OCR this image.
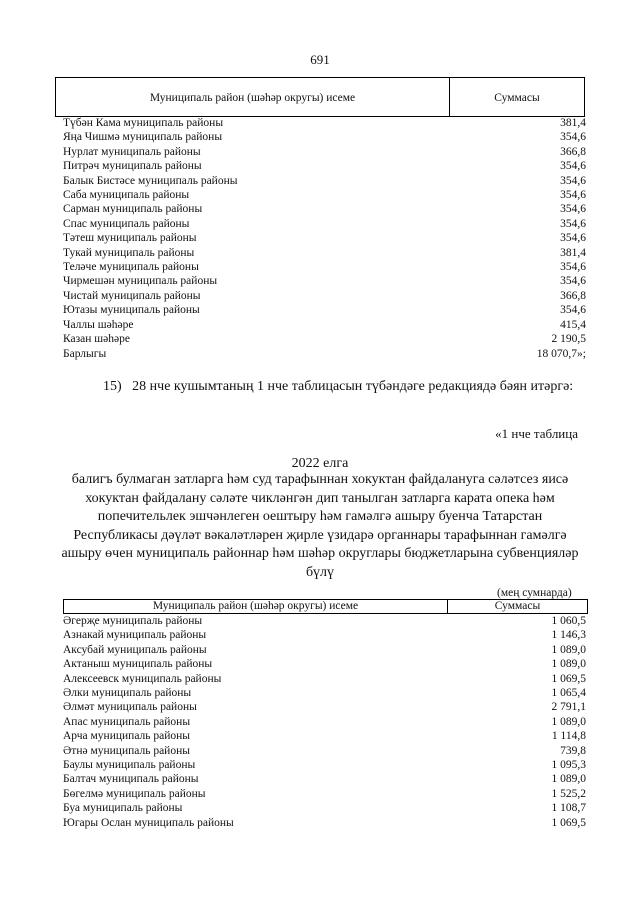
691
Муниципаль район (шәһәр округы) исеме	Суммасы
Түбән Кама муниципаль районы	381,4
Яңа Чишмә муниципаль районы	354,6
Нурлат муниципаль районы	366,8
Питрәч муниципаль районы	354,6
Балык Бистәсе муниципаль районы	354,6
Саба муниципаль районы	354,6
Сарман муниципаль районы	354,6
Спас муниципаль районы	354,6
Тәтеш муниципаль районы	354,6
Тукай муниципаль районы	381,4
Теләче муниципаль районы	354,6
Чирмешән муниципаль районы	354,6
Чистай муниципаль районы	366,8
Ютазы муниципаль районы	354,6
Чаллы шәһәре	415,4
Казан шәһәре	2 190,5
Барлыгы	18 070,7»;
15)   28 нче кушымтаның 1 нче таблицасын түбәндәге редакциядә бәян итәргә:
«1 нче таблица
2022 елга
балигъ булмаган затларга һәм суд тарафыннан хокуктан файдалануга сәләтсез яисә хокуктан файдалану сәләте чикләнгән дип танылган затларга карата опека һәм попечительлек эшчәнлеген оештыру һәм гамәлгә ашыру буенча Татарстан Республикасы дәүләт вәкаләтләрен җирле үзидарә органнары тарафыннан гамәлгә ашыру өчен муниципаль районнар һәм шәһәр округлары бюджетларына субвенцияләр бүлү
(мең сумнарда)
Муниципаль район (шәһәр округы) исеме	Суммасы
Әгерҗе муниципаль районы	1 060,5
Азнакай муниципаль районы	1 146,3
Аксубай муниципаль районы	1 089,0
Актаныш муниципаль районы	1 089,0
Алексеевск муниципаль районы	1 069,5
Әлки муниципаль районы	1 065,4
Әлмәт муниципаль районы	2 791,1
Апас муниципаль районы	1 089,0
Арча муниципаль районы	1 114,8
Әтнә муниципаль районы	739,8
Баулы муниципаль районы	1 095,3
Балтач муниципаль районы	1 089,0
Бөгелмә муниципаль районы	1 525,2
Буа муниципаль районы	1 108,7
Югары Ослан муниципаль районы	1 069,5
